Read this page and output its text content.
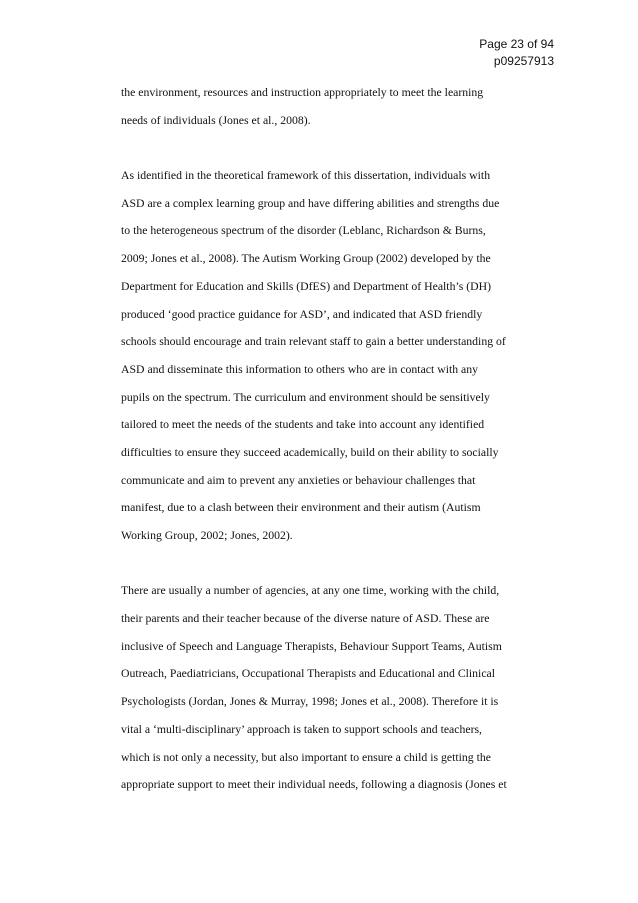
Page 23 of 94
p09257913
the environment, resources and instruction appropriately to meet the learning
needs of individuals (Jones et al., 2008).
As identified in the theoretical framework of this dissertation, individuals with
ASD are a complex learning group and have differing abilities and strengths due
to the heterogeneous spectrum of the disorder (Leblanc, Richardson & Burns,
2009; Jones et al., 2008). The Autism Working Group (2002) developed by the
Department for Education and Skills (DfES) and Department of Health’s (DH)
produced ‘good practice guidance for ASD’, and indicated that ASD friendly
schools should encourage and train relevant staff to gain a better understanding of
ASD and disseminate this information to others who are in contact with any
pupils on the spectrum. The curriculum and environment should be sensitively
tailored to meet the needs of the students and take into account any identified
difficulties to ensure they succeed academically, build on their ability to socially
communicate and aim to prevent any anxieties or behaviour challenges that
manifest, due to a clash between their environment and their autism (Autism
Working Group, 2002; Jones, 2002).
There are usually a number of agencies, at any one time, working with the child,
their parents and their teacher because of the diverse nature of ASD. These are
inclusive of Speech and Language Therapists, Behaviour Support Teams, Autism
Outreach, Paediatricians, Occupational Therapists and Educational and Clinical
Psychologists (Jordan, Jones & Murray, 1998; Jones et al., 2008). Therefore it is
vital a ‘multi-disciplinary’ approach is taken to support schools and teachers,
which is not only a necessity, but also important to ensure a child is getting the
appropriate support to meet their individual needs, following a diagnosis (Jones et
